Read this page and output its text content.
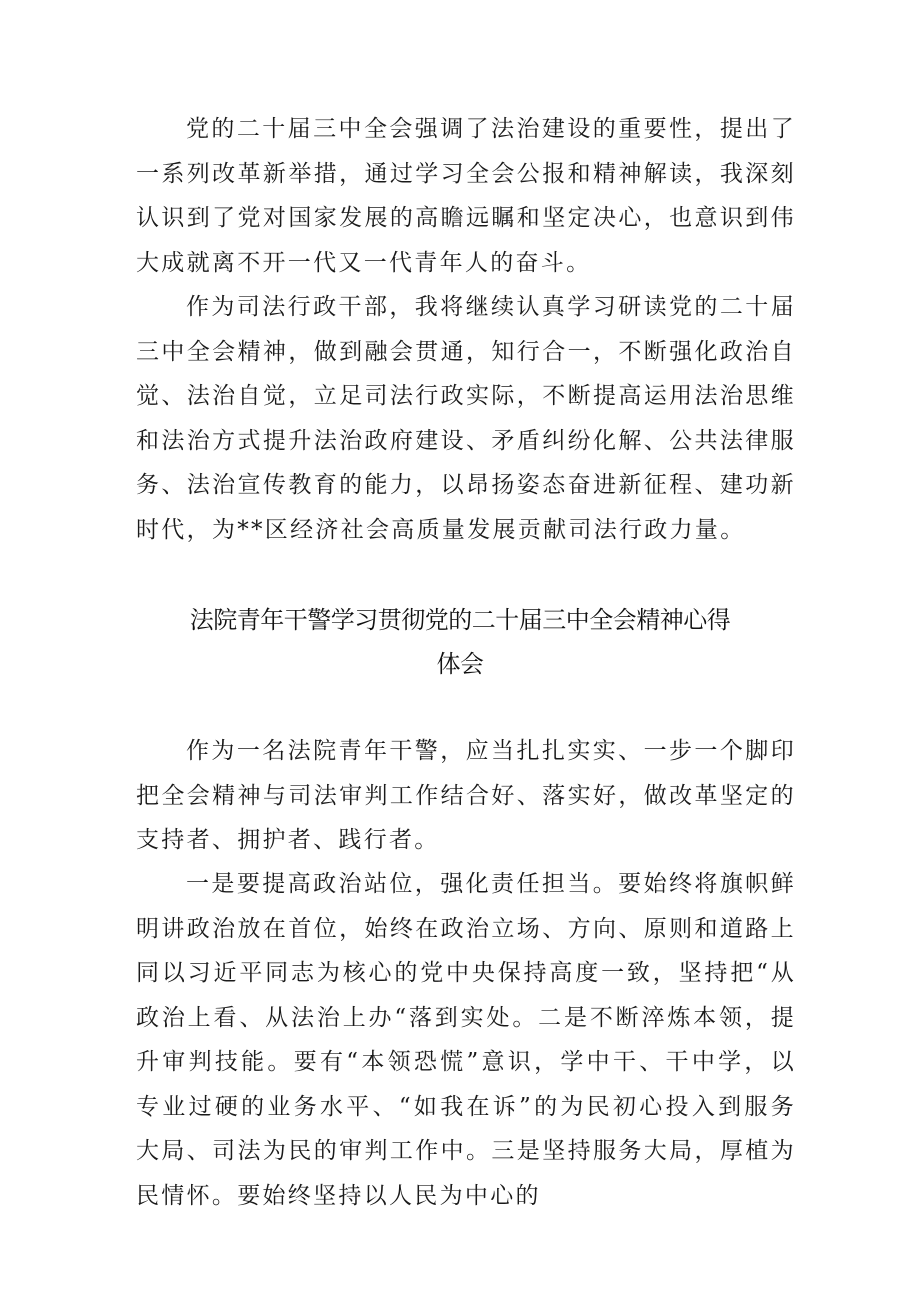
党的二十届三中全会强调了法治建设的重要性，提出了一系列改革新举措，通过学习全会公报和精神解读，我深刻认识到了党对国家发展的高瞻远瞩和坚定决心，也意识到伟大成就离不开一代又一代青年人的奋斗。

作为司法行政干部，我将继续认真学习研读党的二十届三中全会精神，做到融会贯通，知行合一，不断强化政治自觉、法治自觉，立足司法行政实际，不断提高运用法治思维和法治方式提升法治政府建设、矛盾纠纷化解、公共法律服务、法治宣传教育的能力，以昂扬姿态奋进新征程、建功新时代，为**区经济社会高质量发展贡献司法行政力量。

法院青年干警学习贯彻党的二十届三中全会精神心得
体会

作为一名法院青年干警，应当扎扎实实、一步一个脚印把全会精神与司法审判工作结合好、落实好，做改革坚定的支持者、拥护者、践行者。

一是要提高政治站位，强化责任担当。要始终将旗帜鲜明讲政治放在首位，始终在政治立场、方向、原则和道路上同以习近平同志为核心的党中央保持高度一致，坚持把“从政治上看、从法治上办“落到实处。二是不断淬炼本领，提升审判技能。要有“本领恐慌”意识，学中干、干中学，以专业过硬的业务水平、“如我在诉”的为民初心投入到服务大局、司法为民的审判工作中。三是坚持服务大局，厚植为民情怀。要始终坚持以人民为中心的
